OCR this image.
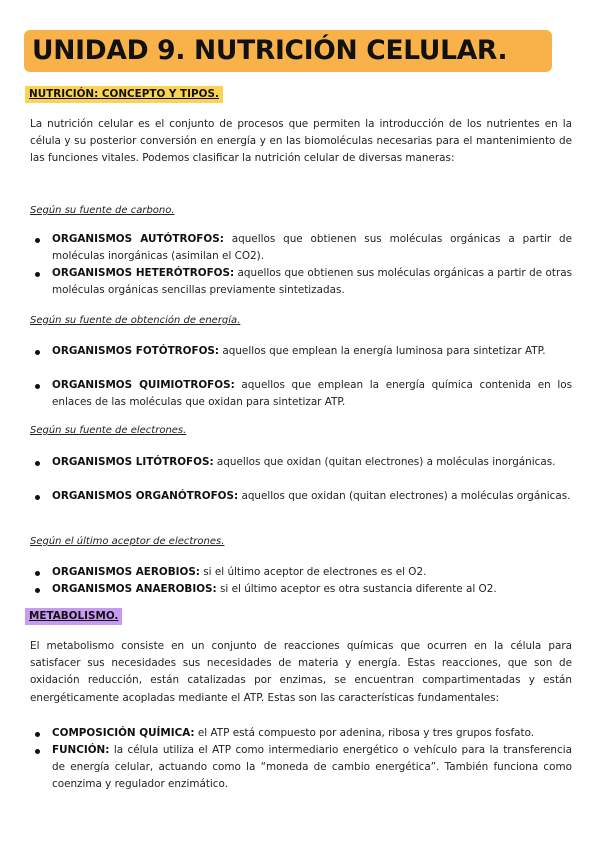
UNIDAD 9. NUTRICIÓN CELULAR.
NUTRICIÓN: CONCEPTO Y TIPOS.
La nutrición celular es el conjunto de procesos que permiten la introducción de los nutrientes en la célula y su posterior conversión en energía y en las biomoléculas necesarias para el mantenimiento de las funciones vitales. Podemos clasificar la nutrición celular de diversas maneras:
Según su fuente de carbono.
ORGANISMOS AUTÓTROFOS: aquellos que obtienen sus moléculas orgánicas a partir de moléculas inorgánicas (asimilan el CO2).
ORGANISMOS HETERÓTROFOS: aquellos que obtienen sus moléculas orgánicas a partir de otras moléculas orgánicas sencillas previamente sintetizadas.
Según su fuente de obtención de energía.
ORGANISMOS FOTÓTROFOS: aquellos que emplean la energía luminosa para sintetizar ATP.
ORGANISMOS QUIMIOTROFOS: aquellos que emplean la energía química contenida en los enlaces de las moléculas que oxidan para sintetizar ATP.
Según su fuente de electrones.
ORGANISMOS LITÓTROFOS: aquellos que oxidan (quitan electrones) a moléculas inorgánicas.
ORGANISMOS ORGANÓTROFOS: aquellos que oxidan (quitan electrones) a moléculas orgánicas.
Según el último aceptor de electrones.
ORGANISMOS AEROBIOS: si el último aceptor de electrones es el O2.
ORGANISMOS ANAEROBIOS: si el último aceptor es otra sustancia diferente al O2.
METABOLISMO.
El metabolismo consiste en un conjunto de reacciones químicas que ocurren en la célula para satisfacer sus necesidades sus necesidades de materia y energía. Estas reacciones, que son de oxidación reducción, están catalizadas por enzimas, se encuentran compartimentadas y están energéticamente acopladas mediante el ATP. Estas son las características fundamentales:
COMPOSICIÓN QUÍMICA: el ATP está compuesto por adenina, ribosa y tres grupos fosfato.
FUNCIÓN: la célula utiliza el ATP como intermediario energético o vehículo para la transferencia de energía celular, actuando como la “moneda de cambio energética”. También funciona como coenzima y regulador enzimático.
